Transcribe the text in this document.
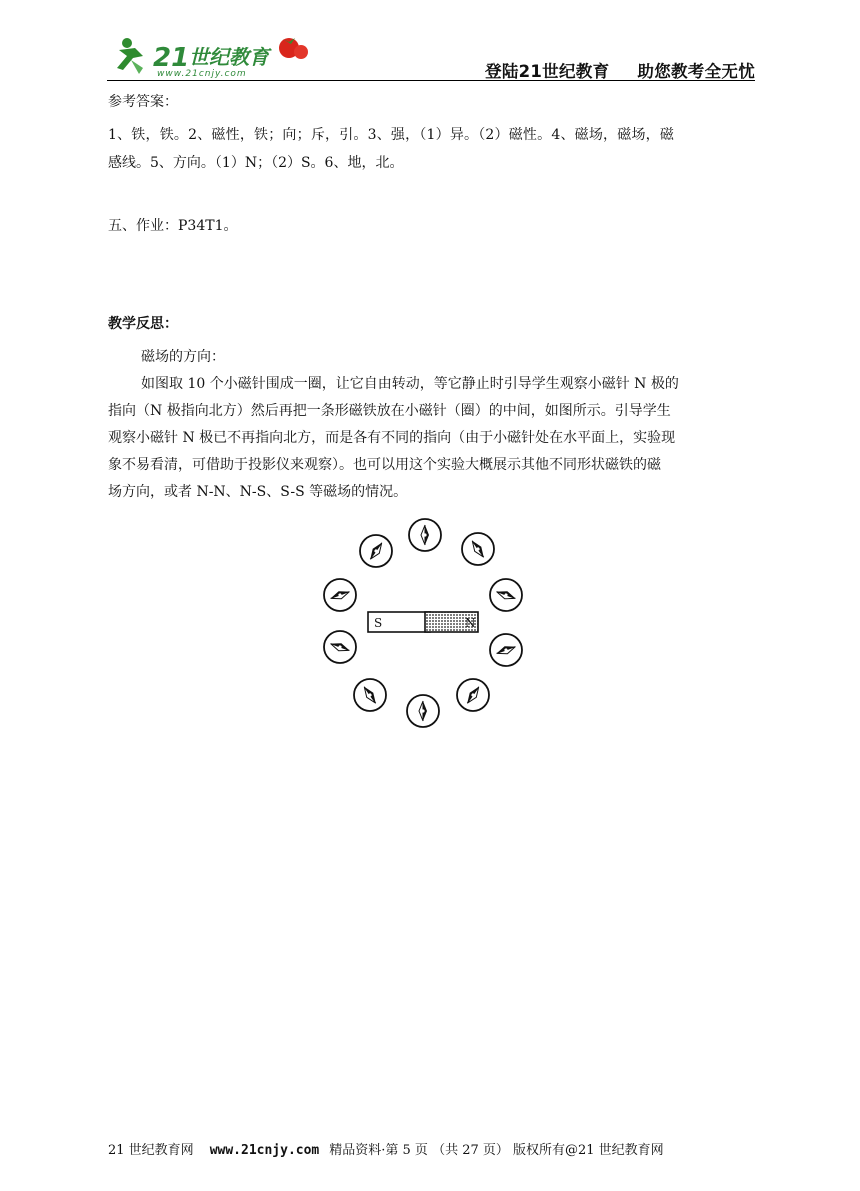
21 世纪教育
www.21cnjy.com	登陆21世纪教育 助您教考全无忧
参考答案：
1、铁，铁。2、磁性，铁；向；斥，引。3、强，（1）异。（2）磁性。4、磁场，磁场，磁
感线。5、方向。（1）N；（2）S。6、地，北。
五、作业：P34T1。
教学反思：
磁场的方向：
如图取 10 个小磁针围成一圈，让它自由转动，等它静止时引导学生观察小磁针 N 极的
指向（N 极指向北方）然后再把一条形磁铁放在小磁针（圈）的中间，如图所示。引导学生
观察小磁针 N 极已不再指向北方，而是各有不同的指向（由于小磁针处在水平面上，实验现
象不易看清，可借助于投影仪来观察）。也可以用这个实验大概展示其他不同形状磁铁的磁
场方向，或者 N-N、N-S、S-S 等磁场的情况。
S	N
21 世纪教育网 www.21cnjy.com 精品资料·第 5 页 （共 27 页） 版权所有@21 世纪教育网
